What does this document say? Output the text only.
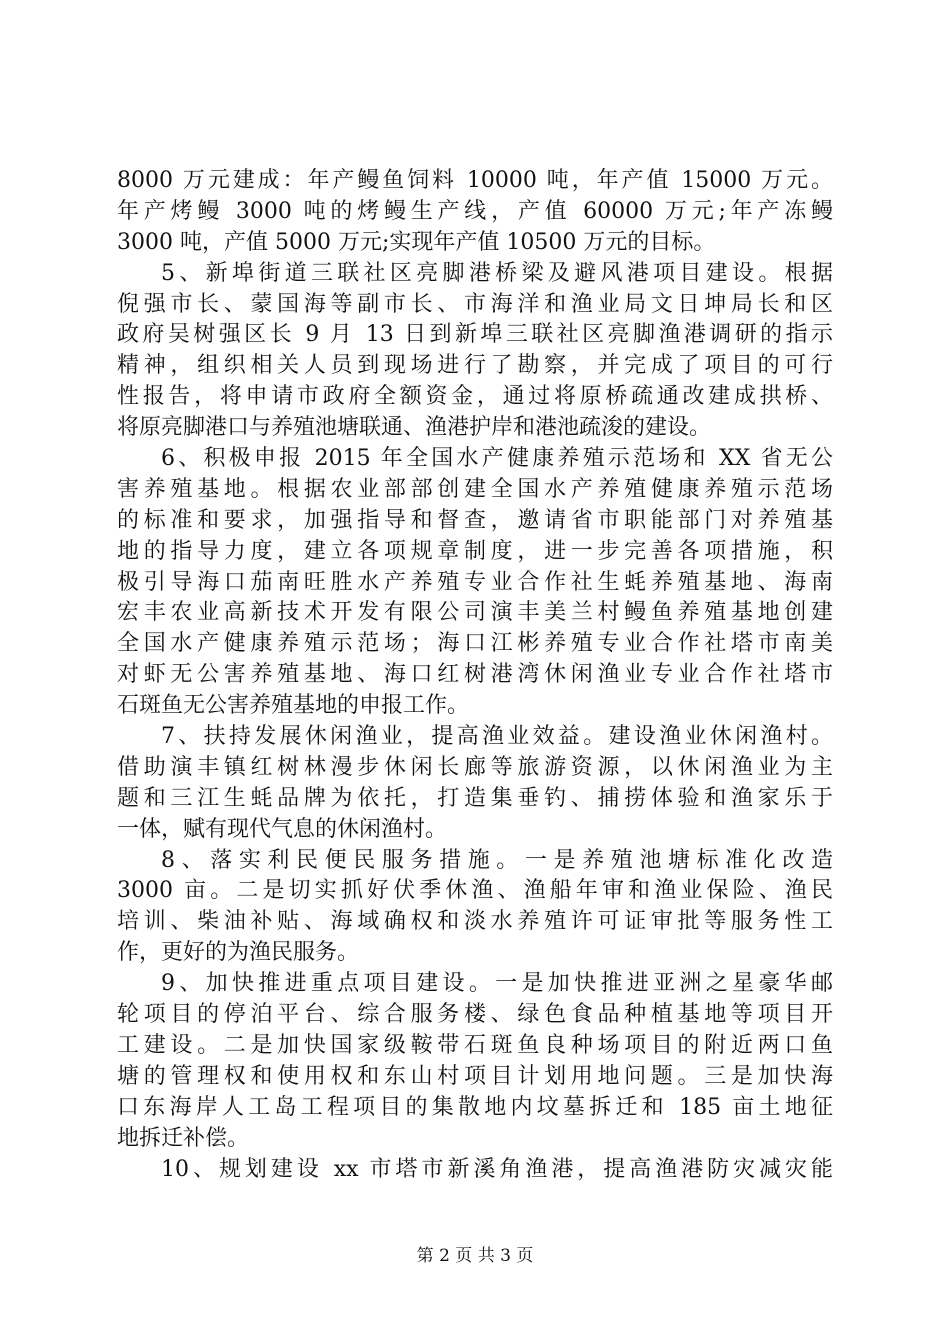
8000 万元建成：年产鳗鱼饲料 10000 吨，年产值 15000 万元。
年产烤鳗 3000 吨的烤鳗生产线，产值 60000 万元;年产冻鳗
3000 吨，产值 5000 万元;实现年产值 10500 万元的目标。
5、新埠街道三联社区亮脚港桥梁及避风港项目建设。根据
倪强市长、蒙国海等副市长、市海洋和渔业局文日坤局长和区
政府吴树强区长 9 月 13 日到新埠三联社区亮脚渔港调研的指示
精神，组织相关人员到现场进行了勘察，并完成了项目的可行
性报告，将申请市政府全额资金，通过将原桥疏通改建成拱桥、
将原亮脚港口与养殖池塘联通、渔港护岸和港池疏浚的建设。
6、积极申报 2015 年全国水产健康养殖示范场和 XX 省无公
害养殖基地。根据农业部部创建全国水产养殖健康养殖示范场
的标准和要求，加强指导和督查，邀请省市职能部门对养殖基
地的指导力度，建立各项规章制度，进一步完善各项措施，积
极引导海口茄南旺胜水产养殖专业合作社生蚝养殖基地、海南
宏丰农业高新技术开发有限公司演丰美兰村鳗鱼养殖基地创建
全国水产健康养殖示范场；海口江彬养殖专业合作社塔市南美
对虾无公害养殖基地、海口红树港湾休闲渔业专业合作社塔市
石斑鱼无公害养殖基地的申报工作。
7、扶持发展休闲渔业，提高渔业效益。建设渔业休闲渔村。
借助演丰镇红树林漫步休闲长廊等旅游资源，以休闲渔业为主
题和三江生蚝品牌为依托，打造集垂钓、捕捞体验和渔家乐于
一体，赋有现代气息的休闲渔村。
8、落实利民便民服务措施。一是养殖池塘标准化改造
3000 亩。二是切实抓好伏季休渔、渔船年审和渔业保险、渔民
培训、柴油补贴、海域确权和淡水养殖许可证审批等服务性工
作，更好的为渔民服务。
9、加快推进重点项目建设。一是加快推进亚洲之星豪华邮
轮项目的停泊平台、综合服务楼、绿色食品种植基地等项目开
工建设。二是加快国家级鞍带石斑鱼良种场项目的附近两口鱼
塘的管理权和使用权和东山村项目计划用地问题。三是加快海
口东海岸人工岛工程项目的集散地内坟墓拆迁和 185 亩土地征
地拆迁补偿。
10、规划建设 xx 市塔市新溪角渔港，提高渔港防灾减灾能
第 2 页 共 3 页
